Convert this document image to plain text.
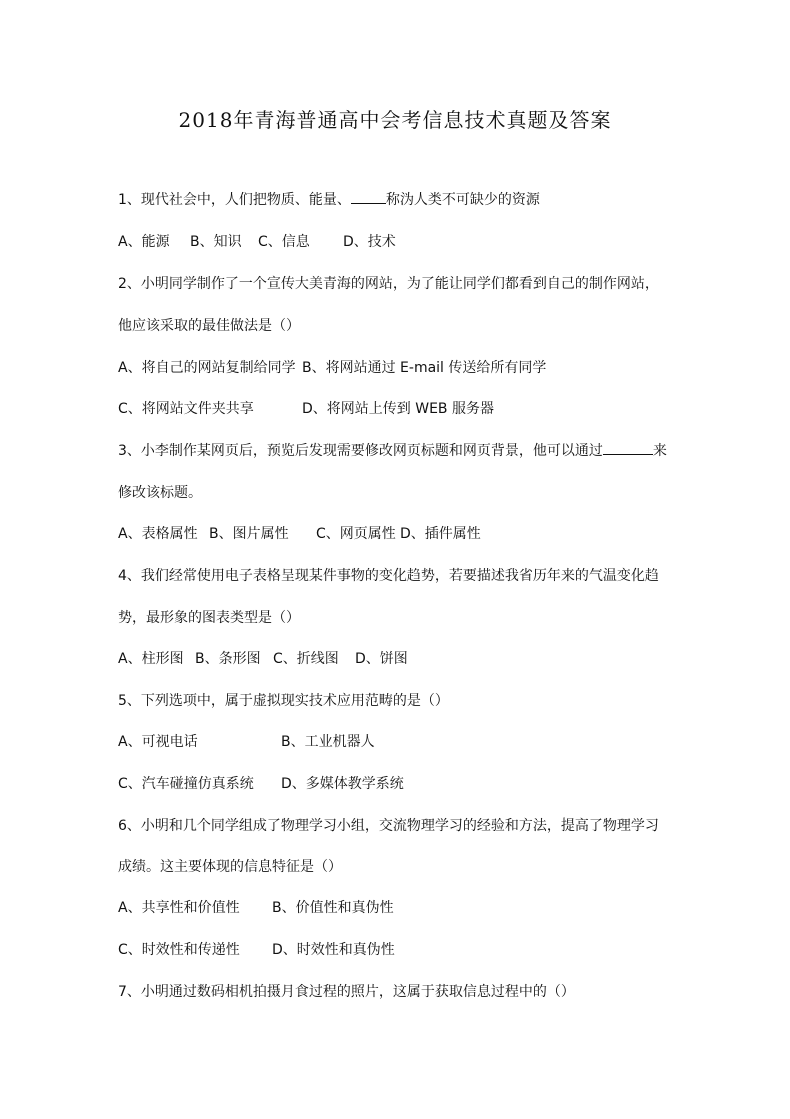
2018年青海普通高中会考信息技术真题及答案
1、现代社会中，人们把物质、能量、	称沩人类不可缺少的资源
A、能源 B、知识 C、信息 D、技术
2、小明同学制作了一个宣传大美青海的网站，为了能让同学们都看到自己的制作网站，
他应该采取的最佳做法是（）
A、将自己的网站复制给同学 B、将网站通过 E-mail 传送给所有同学
C、将网站文件夹共享	D、将网站上传到 WEB 服务器
3、小李制作某网页后，预览后发现需要修改网页标题和网页背景，他可以通过	来
修改该标题。
A、表格属性 B、图片属性 C、网页属性 D、插件属性
4、我们经常使用电子表格呈现某件事物的变化趋势，若要描述我省历年来的气温变化趋
势，最形象的图表类型是（）
A、柱形图 B、条形图 C、折线图 D、饼图
5、下列选项中，属于虚拟现实技术应用范畴的是（）
A、可视电话	B、工业机器人
C、汽车碰撞仿真系统 D、多媒体教学系统
6、小明和几个同学组成了物理学习小组，交流物理学习的经验和方法，提高了物理学习
成绩。这主要体现的信息特征是（）
A、共享性和价值性 B、价值性和真伪性
C、时效性和传递性 D、时效性和真伪性
7、小明通过数码相机拍摄月食过程的照片，这属于获取信息过程中的（）
